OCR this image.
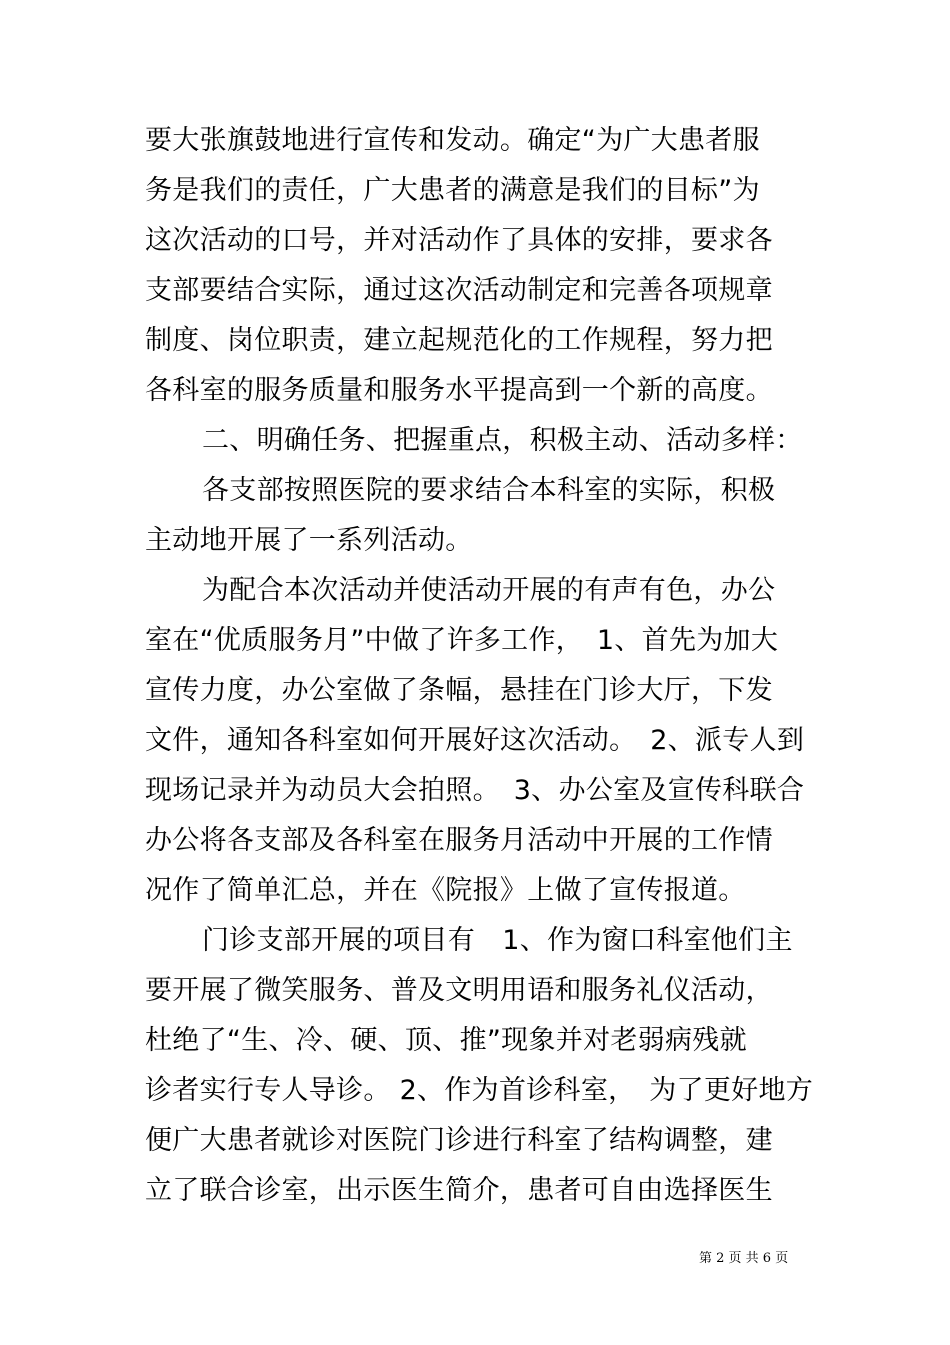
要大张旗鼓地进行宣传和发动。确定“为广大患者服
务是我们的责任，广大患者的满意是我们的目标”为
这次活动的口号，并对活动作了具体的安排，要求各
支部要结合实际，通过这次活动制定和完善各项规章
制度、岗位职责，建立起规范化的工作规程，努力把
各科室的服务质量和服务水平提高到一个新的高度。
二、明确任务、把握重点，积极主动、活动多样：
各支部按照医院的要求结合本科室的实际，积极
主动地开展了一系列活动。
为配合本次活动并使活动开展的有声有色，办公
室在“优质服务月”中做了许多工作，　1、首先为加大
宣传力度，办公室做了条幅，悬挂在门诊大厅，下发
文件，通知各科室如何开展好这次活动。　2、派专人到
现场记录并为动员大会拍照。　3、办公室及宣传科联合
办公将各支部及各科室在服务月活动中开展的工作情
况作了简单汇总，并在《院报》上做了宣传报道。
门诊支部开展的项目有　1、作为窗口科室他们主
要开展了微笑服务、普及文明用语和服务礼仪活动，
杜绝了“生、冷、硬、顶、推”现象并对老弱病残就
诊者实行专人导诊。 2、作为首诊科室，　为了更好地方
便广大患者就诊对医院门诊进行科室了结构调整，建
立了联合诊室，出示医生简介，患者可自由选择医生
第 2 页 共 6 页
